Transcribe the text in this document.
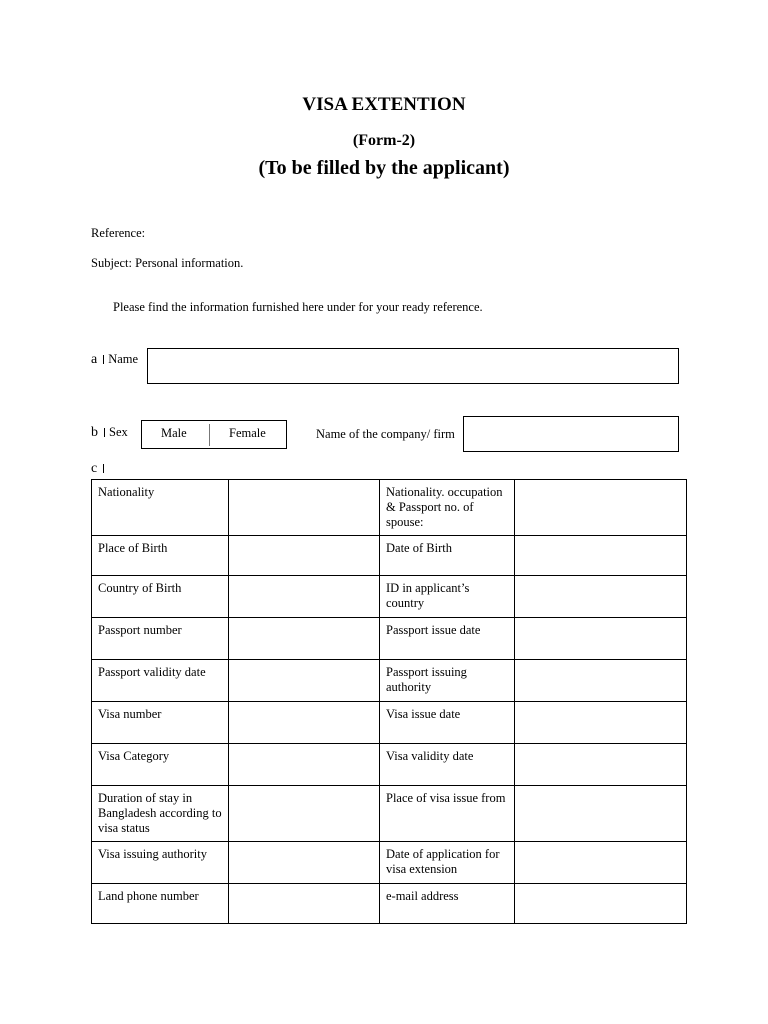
VISA EXTENTION
(Form-2)
(To be filled by the applicant)
Reference:
Subject: Personal information.
Please find the information furnished here under for your ready reference.
a Name
b Sex	Male	Female	Name of the company/ firm
c
Nationality		Nationality. occupation & Passport no. of spouse:	
Place of Birth		Date of Birth	
Country of Birth		ID in applicant’s country	
Passport number		Passport issue date	
Passport validity date		Passport issuing authority	
Visa number		Visa issue date	
Visa Category		Visa validity date	
Duration of stay in Bangladesh according to visa status		Place of visa issue from	
Visa issuing authority		Date of application for visa extension	
Land phone number		e-mail address	
